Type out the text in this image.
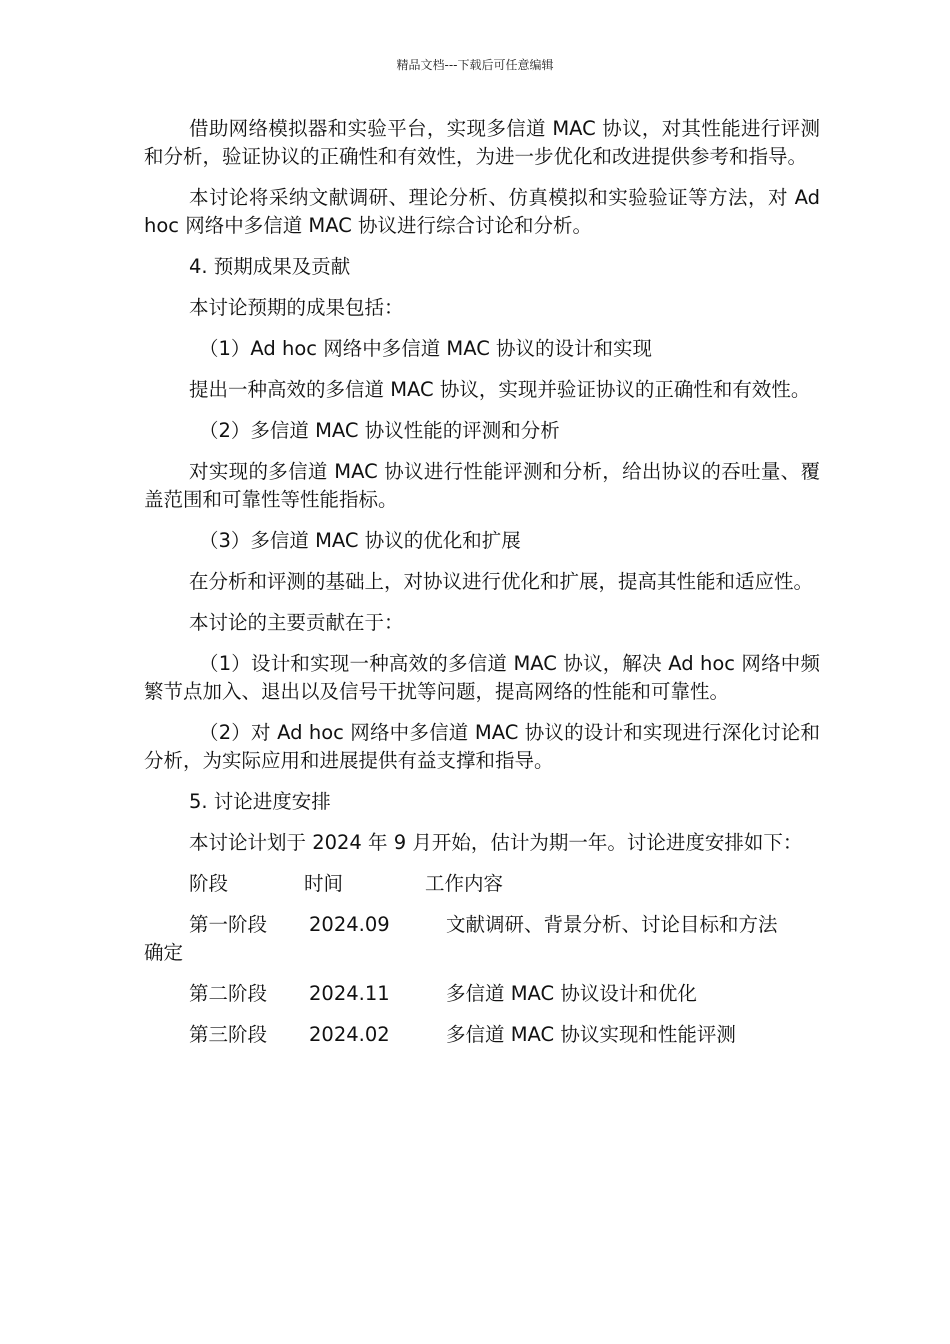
精品文档---下载后可任意编辑

借助网络模拟器和实验平台，实现多信道 MAC 协议，对其性能进行评测和分析，验证协议的正确性和有效性，为进一步优化和改进提供参考和指导。

本讨论将采纳文献调研、理论分析、仿真模拟和实验验证等方法，对 Ad hoc 网络中多信道 MAC 协议进行综合讨论和分析。

4. 预期成果及贡献

本讨论预期的成果包括：

（1）Ad hoc 网络中多信道 MAC 协议的设计和实现

提出一种高效的多信道 MAC 协议，实现并验证协议的正确性和有效性。

（2）多信道 MAC 协议性能的评测和分析

对实现的多信道 MAC 协议进行性能评测和分析，给出协议的吞吐量、覆盖范围和可靠性等性能指标。

（3）多信道 MAC 协议的优化和扩展

在分析和评测的基础上，对协议进行优化和扩展，提高其性能和适应性。

本讨论的主要贡献在于：

（1）设计和实现一种高效的多信道 MAC 协议，解决 Ad hoc 网络中频繁节点加入、退出以及信号干扰等问题，提高网络的性能和可靠性。

（2）对 Ad hoc 网络中多信道 MAC 协议的设计和实现进行深化讨论和分析，为实际应用和进展提供有益支撑和指导。

5. 讨论进度安排

本讨论计划于 2024 年 9 月开始，估计为期一年。讨论进度安排如下：

阶段	时间	工作内容
第一阶段	2024.09	文献调研、背景分析、讨论目标和方法
确定
第二阶段	2024.11	多信道 MAC 协议设计和优化
第三阶段	2024.02	多信道 MAC 协议实现和性能评测
